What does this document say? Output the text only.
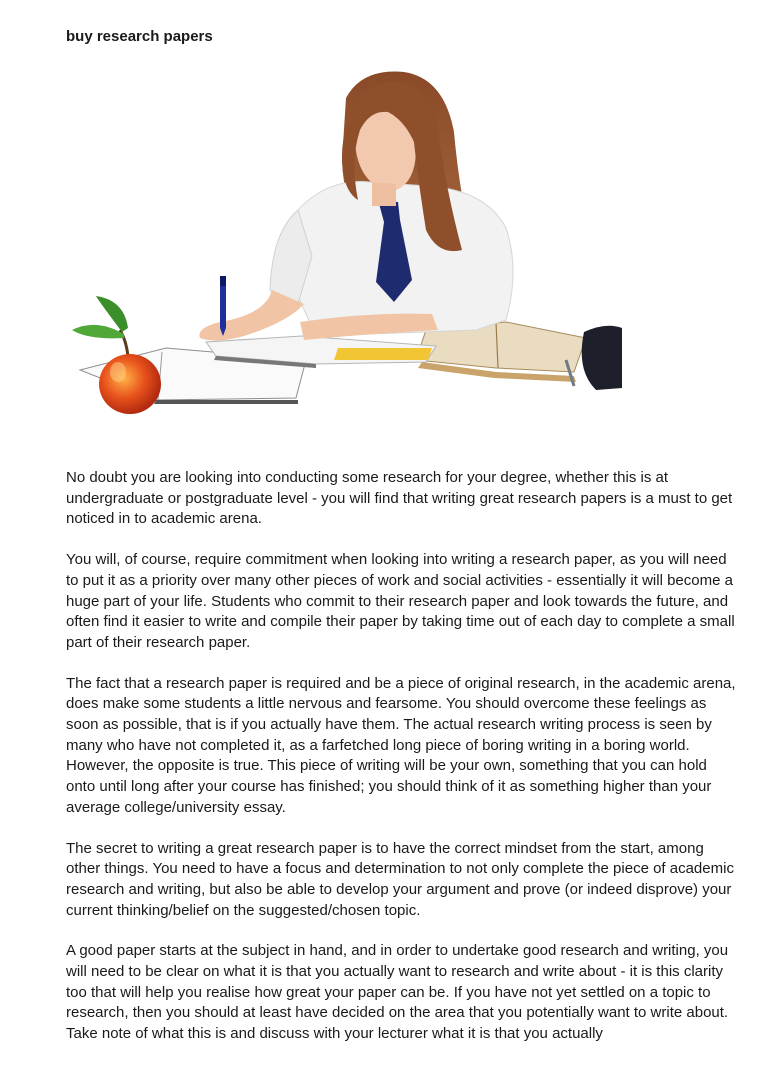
buy research papers

No doubt you are looking into conducting some research for your degree, whether this is at undergraduate or postgraduate level - you will find that writing great research papers is a must to get noticed in to academic arena.

You will, of course, require commitment when looking into writing a research paper, as you will need to put it as a priority over many other pieces of work and social activities - essentially it will become a huge part of your life. Students who commit to their research paper and look towards the future, and often find it easier to write and compile their paper by taking time out of each day to complete a small part of their research paper.

The fact that a research paper is required and be a piece of original research, in the academic arena, does make some students a little nervous and fearsome. You should overcome these feelings as soon as possible, that is if you actually have them. The actual research writing process is seen by many who have not completed it, as a farfetched long piece of boring writing in a boring world. However, the opposite is true. This piece of writing will be your own, something that you can hold onto until long after your course has finished; you should think of it as something higher than your average college/university essay.

The secret to writing a great research paper is to have the correct mindset from the start, among other things. You need to have a focus and determination to not only complete the piece of academic research and writing, but also be able to develop your argument and prove (or indeed disprove) your current thinking/belief on the suggested/chosen topic.

A good paper starts at the subject in hand, and in order to undertake good research and writing, you will need to be clear on what it is that you actually want to research and write about - it is this clarity too that will help you realise how great your paper can be. If you have not yet settled on a topic to research, then you should at least have decided on the area that you potentially want to write about. Take note of what this is and discuss with your lecturer what it is that you actually
